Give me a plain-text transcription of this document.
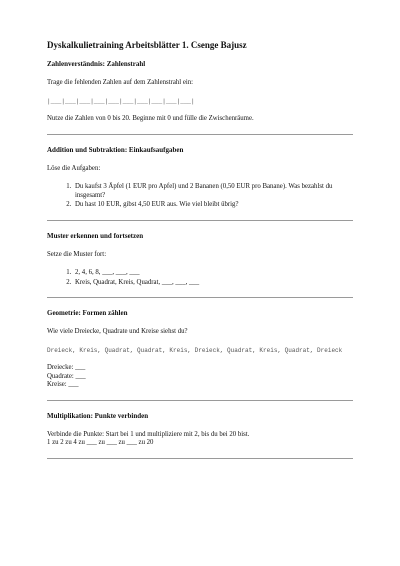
Dyskalkulietraining Arbeitsblätter 1. Csenge Bajusz
Zahlenverständnis: Zahlenstrahl

Trage die fehlenden Zahlen auf dem Zahlenstrahl ein:

|___|___|___|___|___|___|___|___|___|___|

Nutze die Zahlen von 0 bis 20. Beginne mit 0 und fülle die Zwischenräume.

Addition und Subtraktion: Einkaufsaufgaben

Löse die Aufgaben:

1. Du kaufst 3 Äpfel (1 EUR pro Apfel) und 2 Bananen (0,50 EUR pro Banane). Was bezahlst du insgesamt?
2. Du hast 10 EUR, gibst 4,50 EUR aus. Wie viel bleibt übrig?
Muster erkennen und fortsetzen

Setze die Muster fort:

1. 2, 4, 6, 8, ___, ___, ___
2. Kreis, Quadrat, Kreis, Quadrat, ___, ___, ___
Geometrie: Formen zählen

Wie viele Dreiecke, Quadrate und Kreise siehst du?

Dreieck, Kreis, Quadrat, Quadrat, Kreis, Dreieck, Quadrat, Kreis, Quadrat, Dreieck

Dreiecke: ___

Quadrate: ___

Kreise: ___

Multiplikation: Punkte verbinden

Verbinde die Punkte: Start bei 1 und multipliziere mit 2, bis du bei 20 bist.

1 zu 2 zu 4 zu ___ zu ___ zu ___ zu 20
